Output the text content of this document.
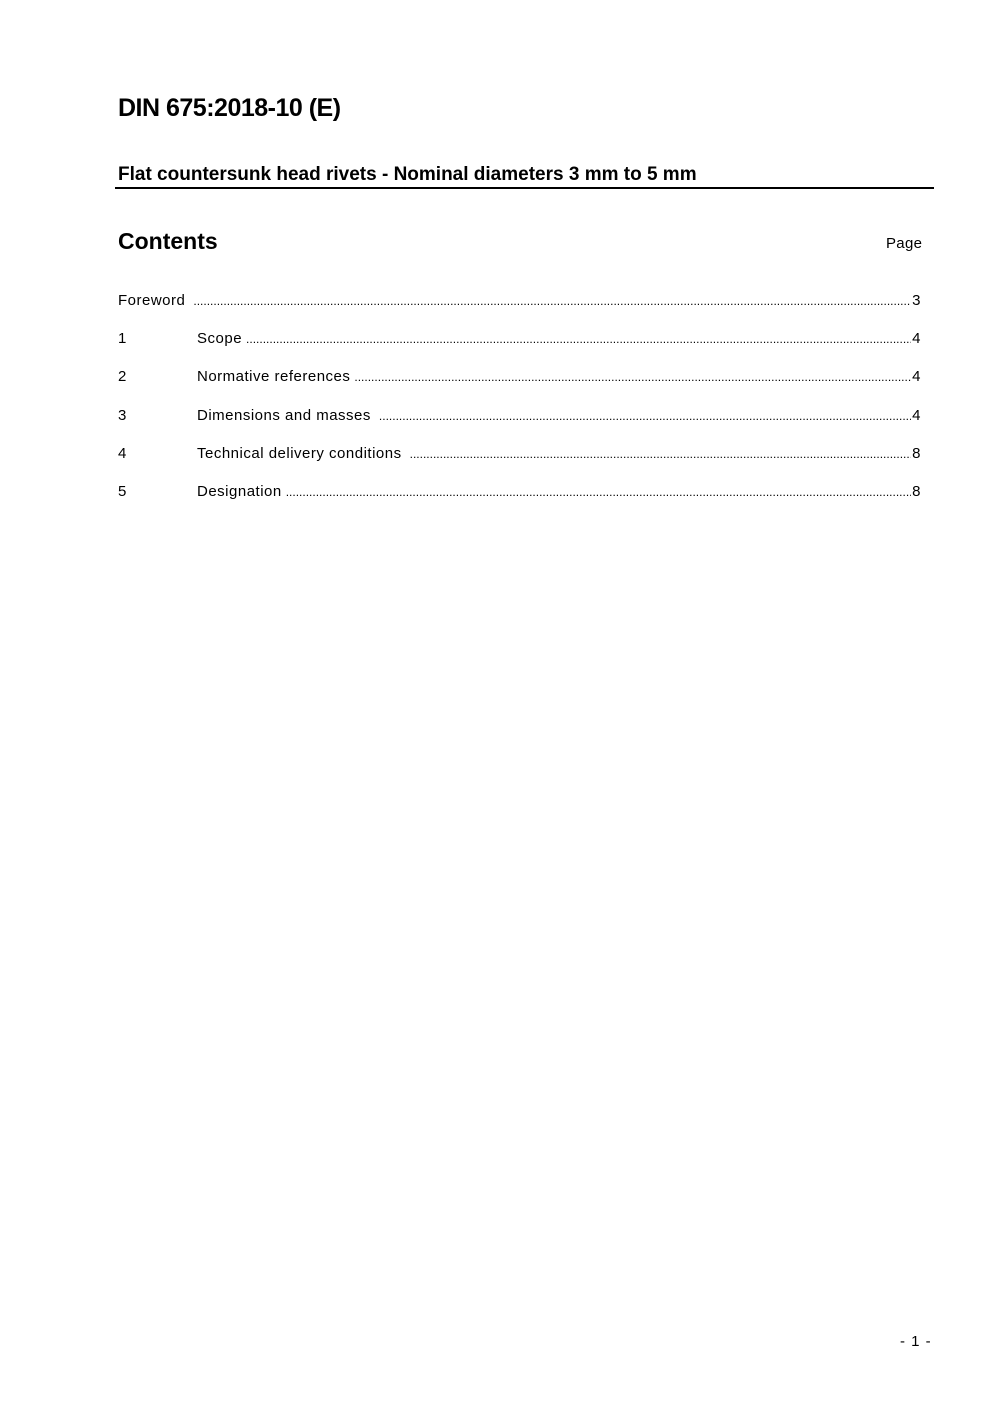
DIN 675:2018-10 (E)
Flat countersunk head rivets - Nominal diameters 3 mm to 5 mm
Contents	Page
Foreword .....	3
1	Scope .....	4
2	Normative references .....	4
3	Dimensions and masses .....	4
4	Technical delivery conditions .....	8
5	Designation .....	8
- 1 -
